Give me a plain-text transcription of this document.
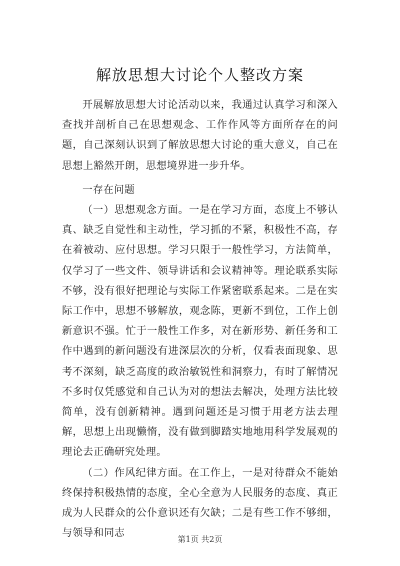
解放思想大讨论个人整改方案

开展解放思想大讨论活动以来，我通过认真学习和深入查找并剖析自己在思想观念、工作作风等方面所存在的问题，自己深刻认识到了解放思想大讨论的重大意义，自己在思想上豁然开朗，思想境界进一步升华。

一存在问题

（一）思想观念方面。一是在学习方面，态度上不够认真、缺乏自觉性和主动性，学习抓的不紧，积极性不高，存在着被动、应付思想。学习只限于一般性学习，方法简单，仅学习了一些文件、领导讲话和会议精神等。理论联系实际不够，没有很好把理论与实际工作紧密联系起来。二是在实际工作中，思想不够解放，观念陈，更新不到位，工作上创新意识不强。忙于一般性工作多，对在新形势、新任务和工作中遇到的新问题没有进深层次的分析，仅看表面现象、思考不深刻，缺乏高度的政治敏锐性和洞察力，有时了解情况不多时仅凭感觉和自己认为对的想法去解决，处理方法比较简单，没有创新精神。遇到问题还是习惯于用老方法去理解，思想上出现懒惰，没有做到脚踏实地地用科学发展观的理论去正确研究处理。

（二）作风纪律方面。在工作上，一是对待群众不能始终保持积极热情的态度，全心全意为人民服务的态度、真正成为人民群众的公仆意识还有欠缺；二是有些工作不够细，与领导和同志

第1页 共2页
